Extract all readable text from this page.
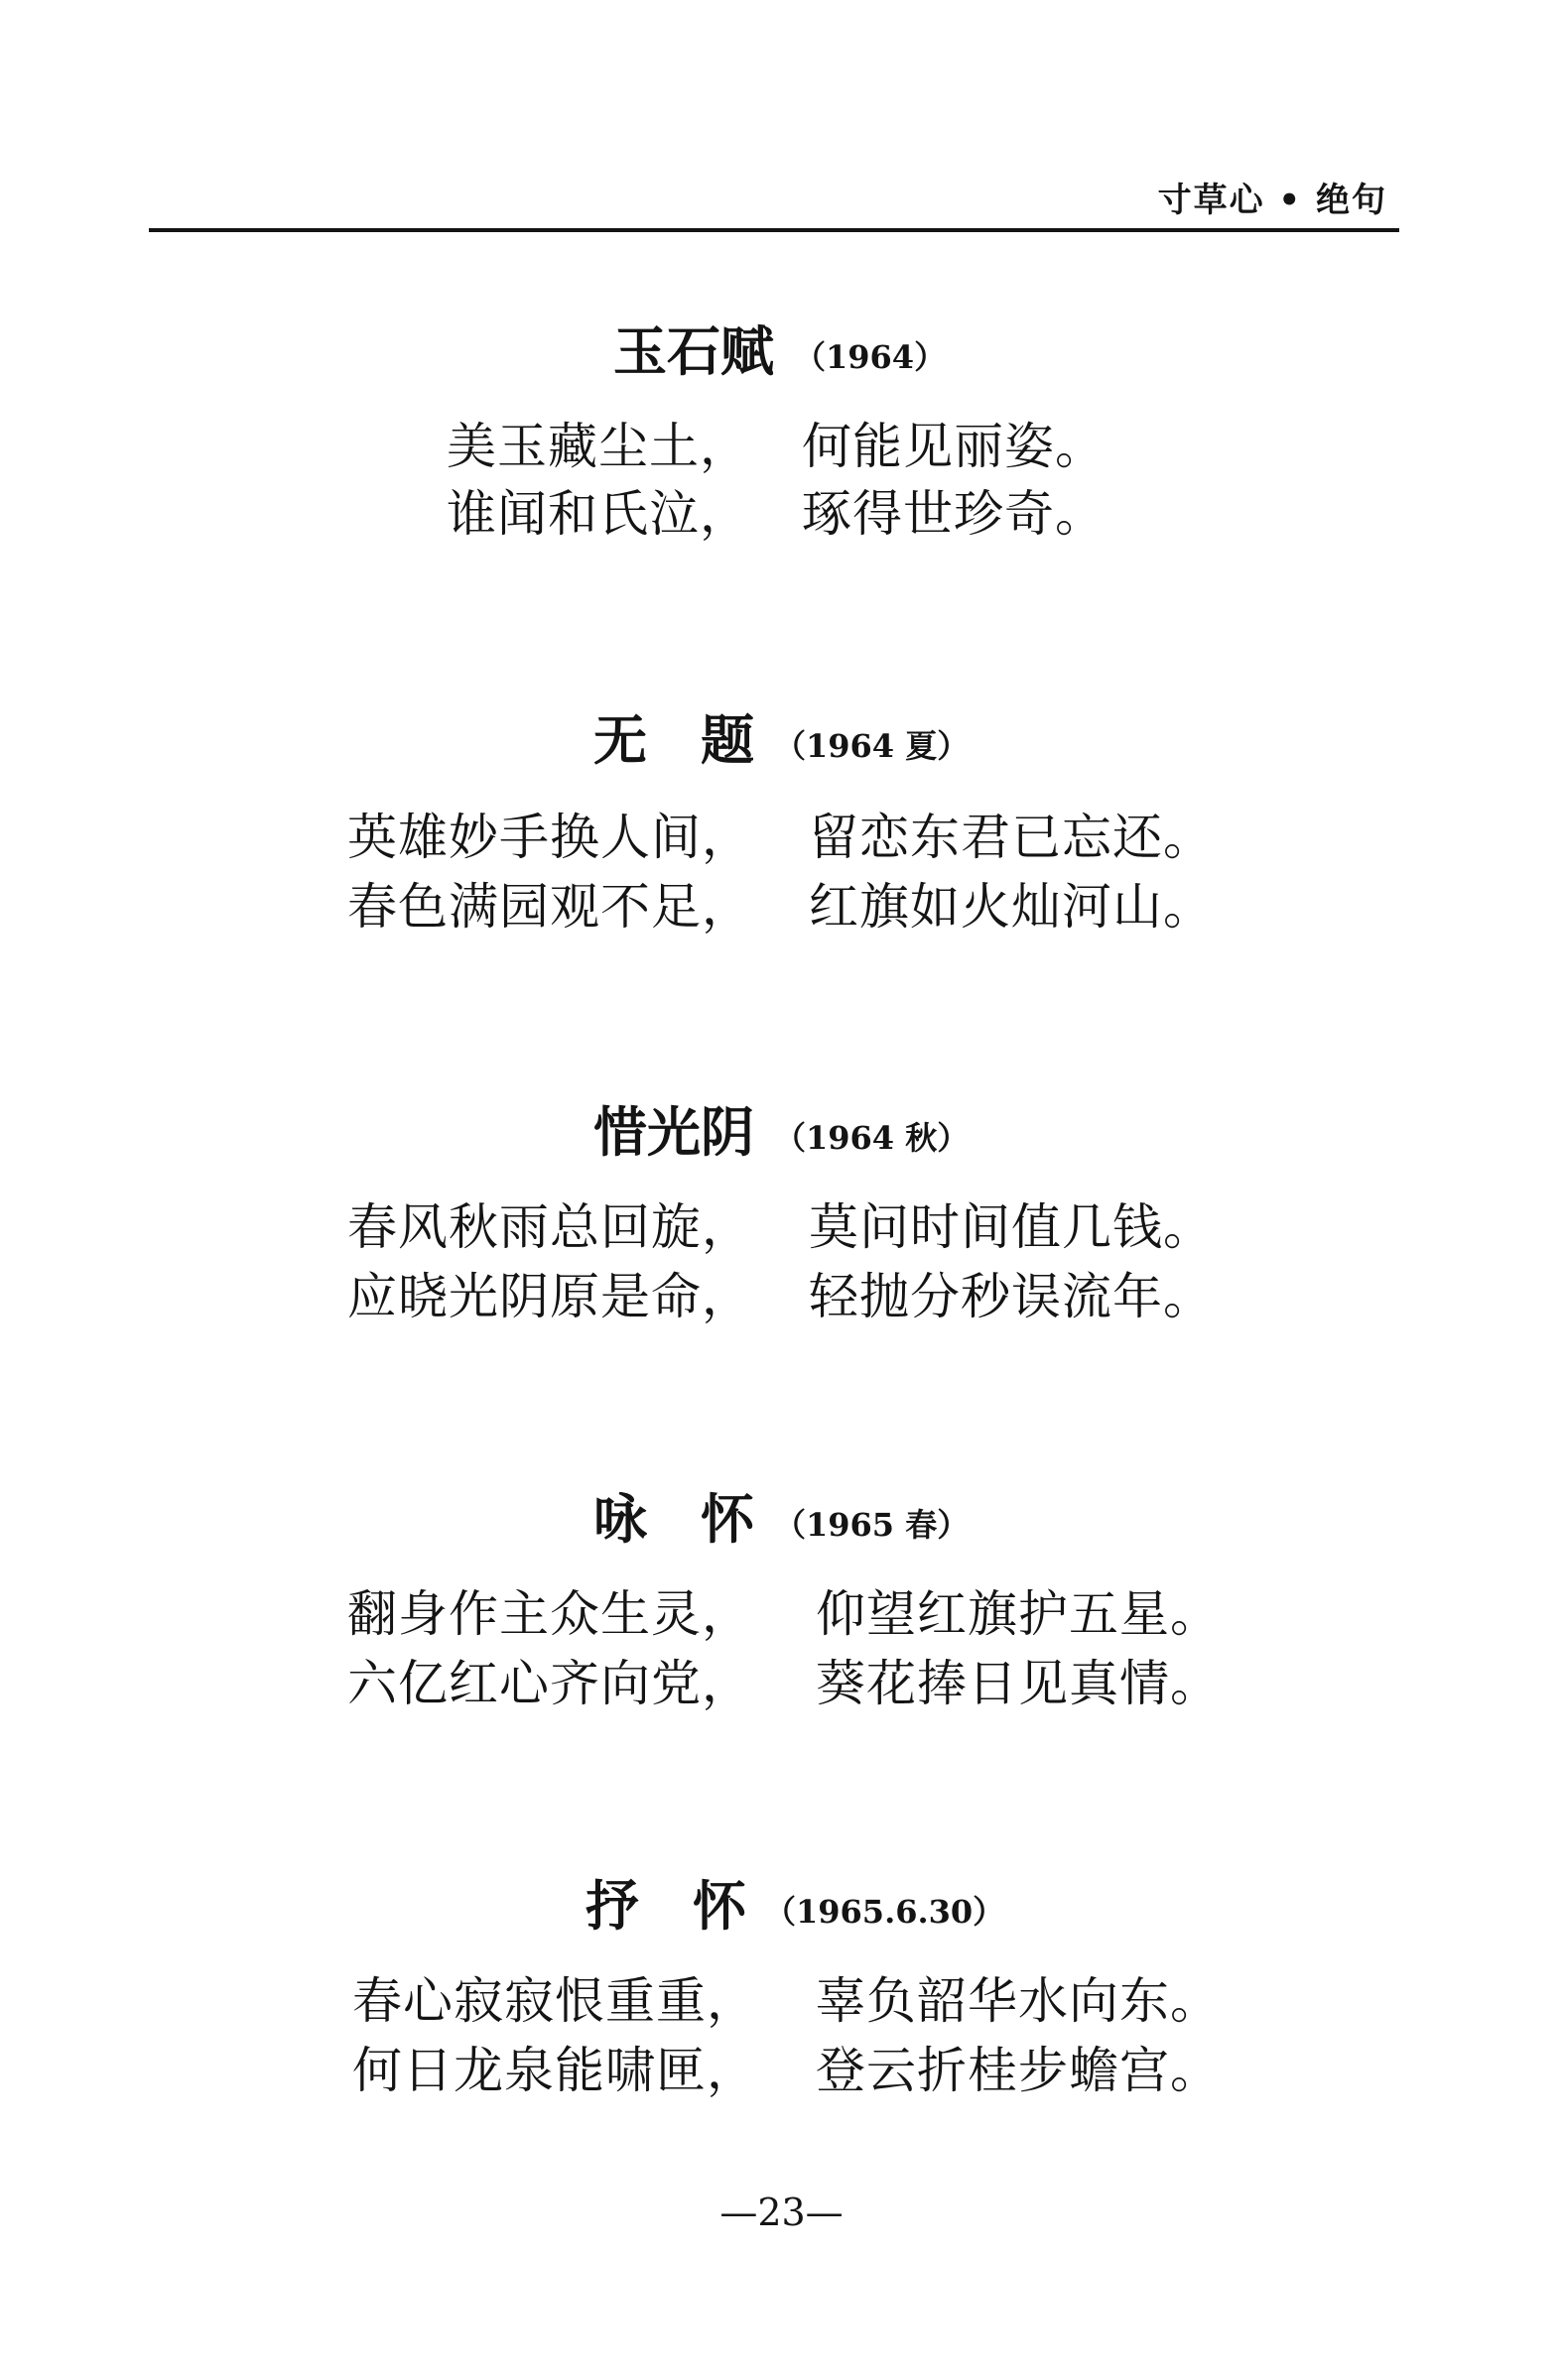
寸草心 • 绝句
玉石赋 （1964）
美玉藏尘土， 何能见丽姿。
谁闻和氏泣， 琢得世珍奇。
无　题 （1964 夏）
英雄妙手换人间， 留恋东君已忘还。
春色满园观不足， 红旗如火灿河山。
惜光阴 （1964 秋）
春风秋雨总回旋， 莫问时间值几钱。
应晓光阴原是命， 轻抛分秒误流年。
咏　怀 （1965 春）
翻身作主众生灵， 仰望红旗护五星。
六亿红心齐向党， 葵花捧日见真情。
抒　怀 （1965.6.30）
春心寂寂恨重重， 辜负韶华水向东。
何日龙泉能啸匣， 登云折桂步蟾宫。
—23—
